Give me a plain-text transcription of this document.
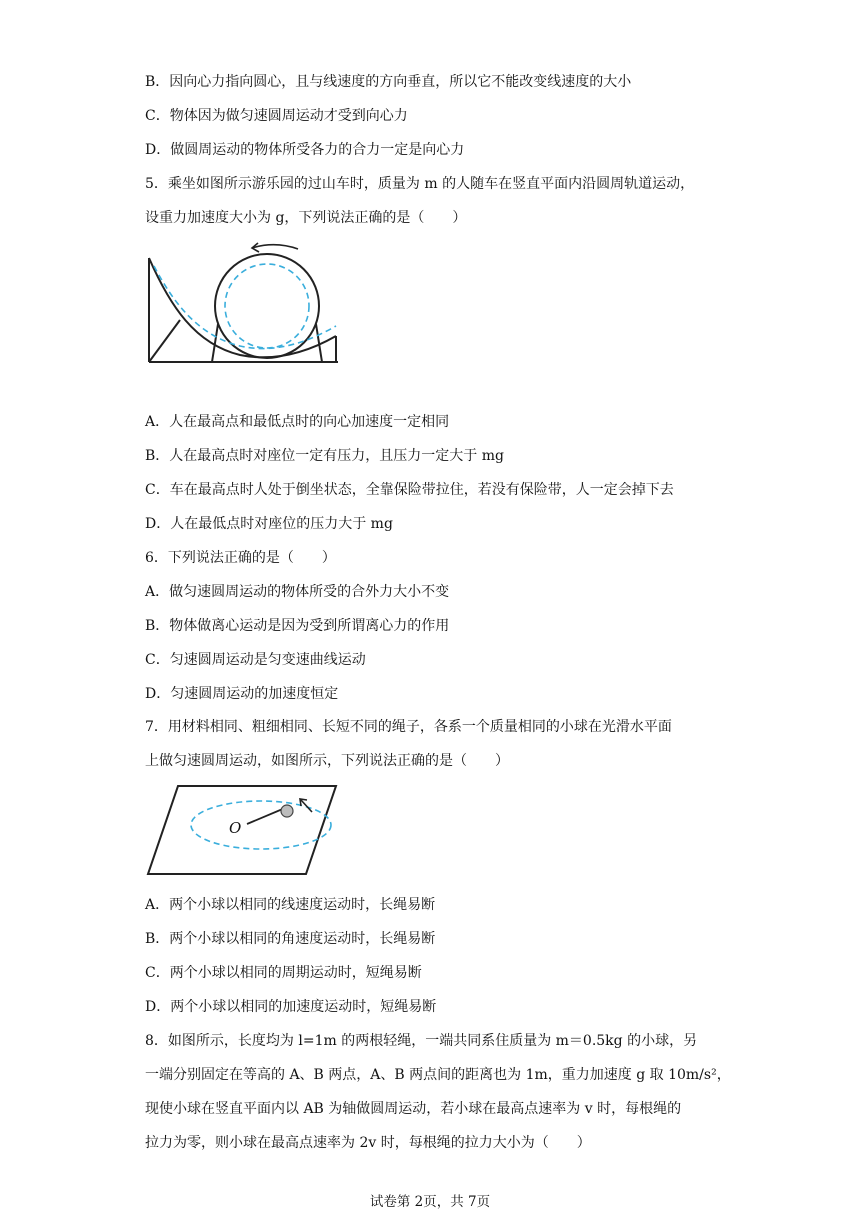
B．因向心力指向圆心，且与线速度的方向垂直，所以它不能改变线速度的大小
C．物体因为做匀速圆周运动才受到向心力
D．做圆周运动的物体所受各力的合力一定是向心力
5．乘坐如图所示游乐园的过山车时，质量为 m 的人随车在竖直平面内沿圆周轨道运动，
设重力加速度大小为 g，下列说法正确的是（　　）
A．人在最高点和最低点时的向心加速度一定相同
B．人在最高点时对座位一定有压力，且压力一定大于 mg
C．车在最高点时人处于倒坐状态，全靠保险带拉住，若没有保险带，人一定会掉下去
D．人在最低点时对座位的压力大于 mg
6．下列说法正确的是（　　）
A．做匀速圆周运动的物体所受的合外力大小不变
B．物体做离心运动是因为受到所谓离心力的作用
C．匀速圆周运动是匀变速曲线运动
D．匀速圆周运动的加速度恒定
7．用材料相同、粗细相同、长短不同的绳子，各系一个质量相同的小球在光滑水平面
上做匀速圆周运动，如图所示，下列说法正确的是（　　）
O
A．两个小球以相同的线速度运动时，长绳易断
B．两个小球以相同的角速度运动时，长绳易断
C．两个小球以相同的周期运动时，短绳易断
D．两个小球以相同的加速度运动时，短绳易断
8．如图所示，长度均为 l=1m 的两根轻绳，一端共同系住质量为 m＝0.5kg 的小球，另
一端分别固定在等高的 A、B 两点，A、B 两点间的距离也为 1m，重力加速度 g 取 10m/s²，
现使小球在竖直平面内以 AB 为轴做圆周运动，若小球在最高点速率为 v 时，每根绳的
拉力为零，则小球在最高点速率为 2v 时，每根绳的拉力大小为（　　）
试卷第 2页，共 7页
